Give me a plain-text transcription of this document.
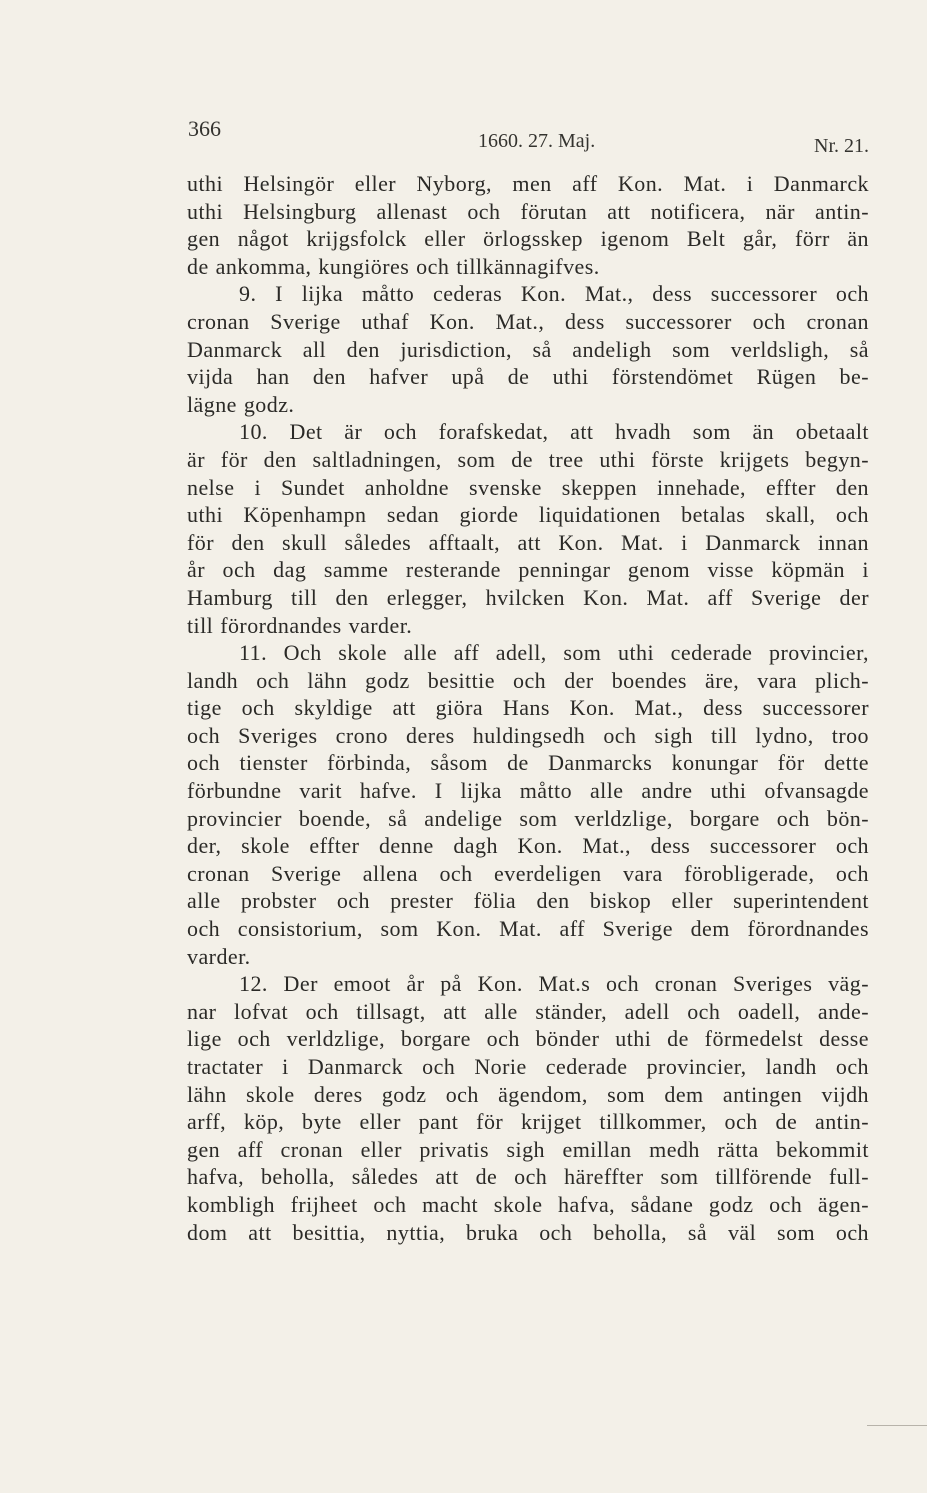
366	1660. 27. Maj.	Nr. 21.
uthi Helsingör eller Nyborg, men aff Kon. Mat. i Danmarck
uthi Helsingburg allenast och förutan att notificera, när antin-
gen något krijgsfolck eller örlogsskep igenom Belt går, förr än
de ankomma, kungiöres och tillkännagifves.
9. I lijka måtto cederas Kon. Mat., dess successorer och
cronan Sverige uthaf Kon. Mat., dess successorer och cronan
Danmarck all den jurisdiction, så andeligh som verldsligh, så
vijda han den hafver upå de uthi förstendömet Rügen be-
lägne godz.
10. Det är och forafskedat, att hvadh som än obetaalt
är för den saltladningen, som de tree uthi förste krijgets begyn-
nelse i Sundet anholdne svenske skeppen innehade, effter den
uthi Köpenhampn sedan giorde liquidationen betalas skall, och
för den skull således afftaalt, att Kon. Mat. i Danmarck innan
år och dag samme resterande penningar genom visse köpmän i
Hamburg till den erlegger, hvilcken Kon. Mat. aff Sverige der
till förordnandes varder.
11. Och skole alle aff adell, som uthi cederade provincier,
landh och lähn godz besittie och der boendes äre, vara plich-
tige och skyldige att giöra Hans Kon. Mat., dess successorer
och Sveriges crono deres huldingsedh och sigh till lydno, troo
och tienster förbinda, såsom de Danmarcks konungar för dette
förbundne varit hafve. I lijka måtto alle andre uthi ofvansagde
provincier boende, så andelige som verldzlige, borgare och bön-
der, skole effter denne dagh Kon. Mat., dess successorer och
cronan Sverige allena och everdeligen vara förobligerade, och
alle probster och prester fölia den biskop eller superintendent
och consistorium, som Kon. Mat. aff Sverige dem förordnandes
varder.
12. Der emoot år på Kon. Mat.s och cronan Sveriges väg-
nar lofvat och tillsagt, att alle ständer, adell och oadell, ande-
lige och verldzlige, borgare och bönder uthi de förmedelst desse
tractater i Danmarck och Norie cederade provincier, landh och
lähn skole deres godz och ägendom, som dem antingen vijdh
arff, köp, byte eller pant för krijget tillkommer, och de antin-
gen aff cronan eller privatis sigh emillan medh rätta bekommit
hafva, beholla, således att de och häreffter som tillförende full-
kombligh frijheet och macht skole hafva, sådane godz och ägen-
dom att besittia, nyttia, bruka och beholla, så väl som och
